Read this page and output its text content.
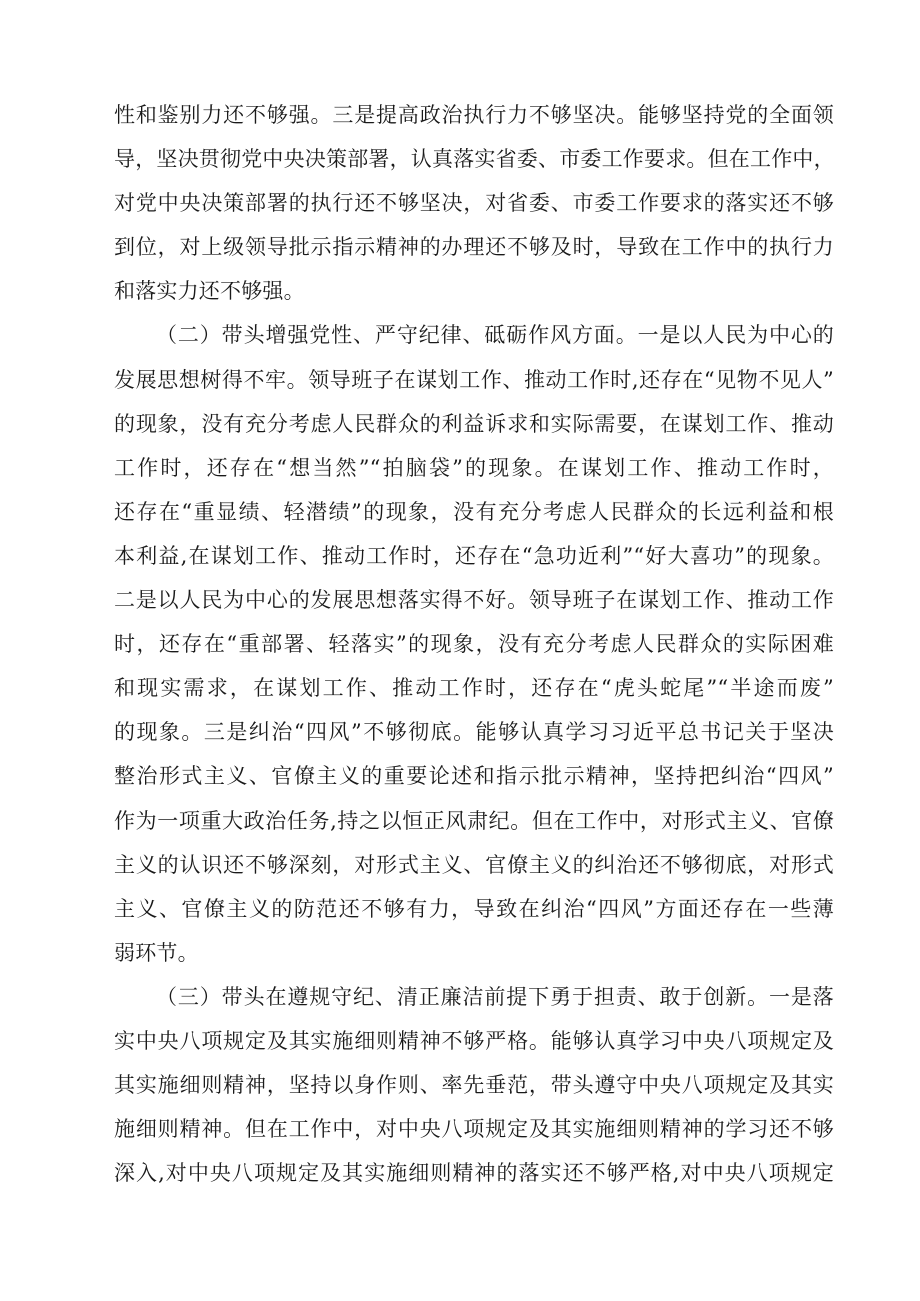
性和鉴别力还不够强。三是提高政治执行力不够坚决。能够坚持党的全面领
导，坚决贯彻党中央决策部署，认真落实省委、市委工作要求。但在工作中，
对党中央决策部署的执行还不够坚决，对省委、市委工作要求的落实还不够
到位，对上级领导批示指示精神的办理还不够及时，导致在工作中的执行力
和落实力还不够强。
（二）带头增强党性、严守纪律、砥砺作风方面。一是以人民为中心的
发展思想树得不牢。领导班子在谋划工作、推动工作时,还存在“见物不见人”
的现象，没有充分考虑人民群众的利益诉求和实际需要，在谋划工作、推动
工作时，还存在“想当然”“拍脑袋”的现象。在谋划工作、推动工作时，
还存在“重显绩、轻潜绩”的现象，没有充分考虑人民群众的长远利益和根
本利益,在谋划工作、推动工作时，还存在“急功近利”“好大喜功”的现象。
二是以人民为中心的发展思想落实得不好。领导班子在谋划工作、推动工作
时，还存在“重部署、轻落实”的现象，没有充分考虑人民群众的实际困难
和现实需求，在谋划工作、推动工作时，还存在“虎头蛇尾”“半途而废”
的现象。三是纠治“四风”不够彻底。能够认真学习习近平总书记关于坚决
整治形式主义、官僚主义的重要论述和指示批示精神，坚持把纠治“四风”
作为一项重大政治任务,持之以恒正风肃纪。但在工作中，对形式主义、官僚
主义的认识还不够深刻，对形式主义、官僚主义的纠治还不够彻底，对形式
主义、官僚主义的防范还不够有力，导致在纠治“四风”方面还存在一些薄
弱环节。
（三）带头在遵规守纪、清正廉洁前提下勇于担责、敢于创新。一是落
实中央八项规定及其实施细则精神不够严格。能够认真学习中央八项规定及
其实施细则精神，坚持以身作则、率先垂范，带头遵守中央八项规定及其实
施细则精神。但在工作中，对中央八项规定及其实施细则精神的学习还不够
深入,对中央八项规定及其实施细则精神的落实还不够严格,对中央八项规定
